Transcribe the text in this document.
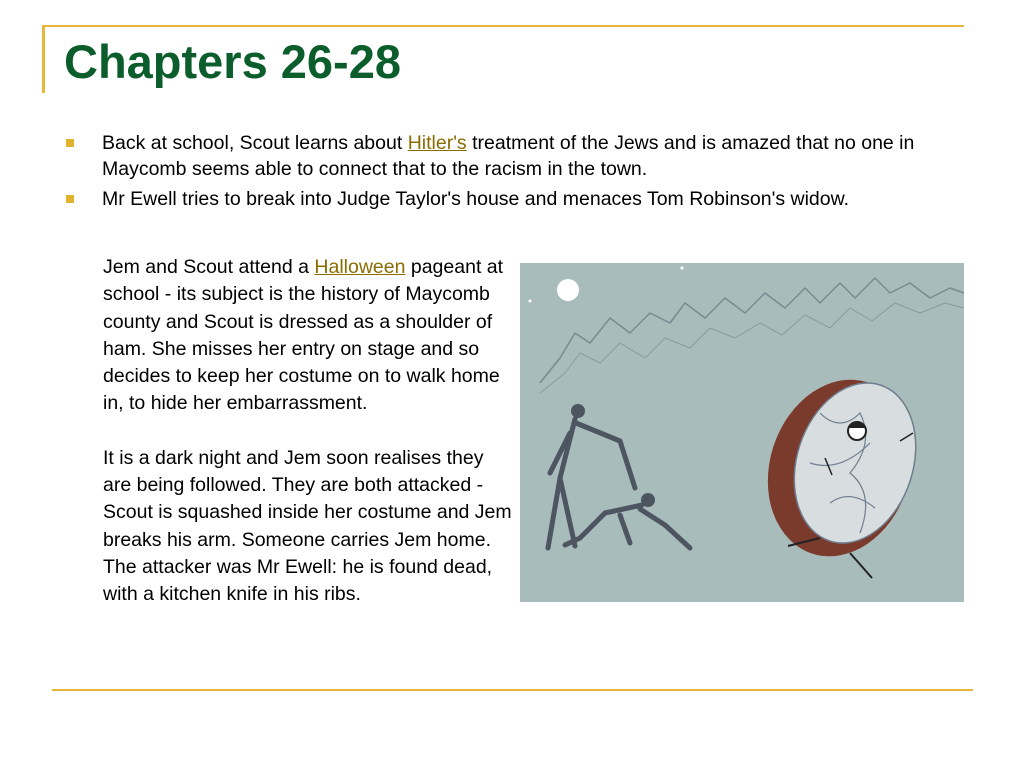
Chapters 26-28
Back at school, Scout learns about Hitler's treatment of the Jews and is amazed that no one in Maycomb seems able to connect that to the racism in the town.
Mr Ewell tries to break into Judge Taylor's house and menaces Tom Robinson's widow.

Jem and Scout attend a Halloween pageant at school - its subject is the history of Maycomb county and Scout is dressed as a shoulder of ham. She misses her entry on stage and so decides to keep her costume on to walk home in, to hide her embarrassment.

It is a dark night and Jem soon realises they are being followed. They are both attacked - Scout is squashed inside her costume and Jem breaks his arm. Someone carries Jem home.

The attacker was Mr Ewell: he is found dead, with a kitchen knife in his ribs.
